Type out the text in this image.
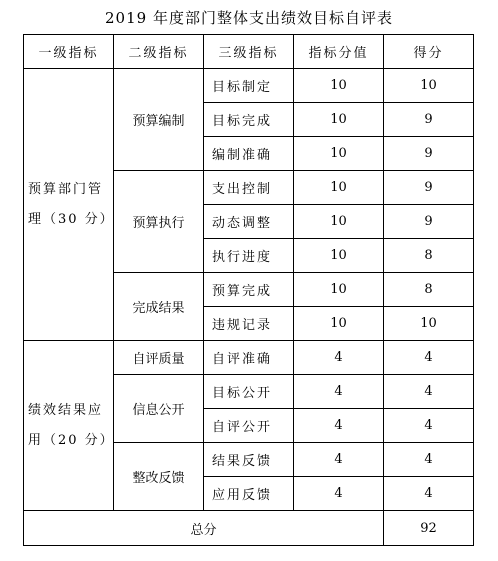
2019 年度部门整体支出绩效目标自评表
一级指标	二级指标	三级指标	指标分值	得分

预算部门管
理（30 分）	预算编制	目标制定	10	10
		目标完成	10	9
		编制准确	10	9
	预算执行	支出控制	10	9
		动态调整	10	9
		执行进度	10	8
	完成结果	预算完成	10	8
		违规记录	10	10

绩效结果应
用（20 分）	自评质量	自评准确	4	4
	信息公开	目标公开	4	4
		自评公开	4	4
	整改反馈	结果反馈	4	4
		应用反馈	4	4
总分				92
